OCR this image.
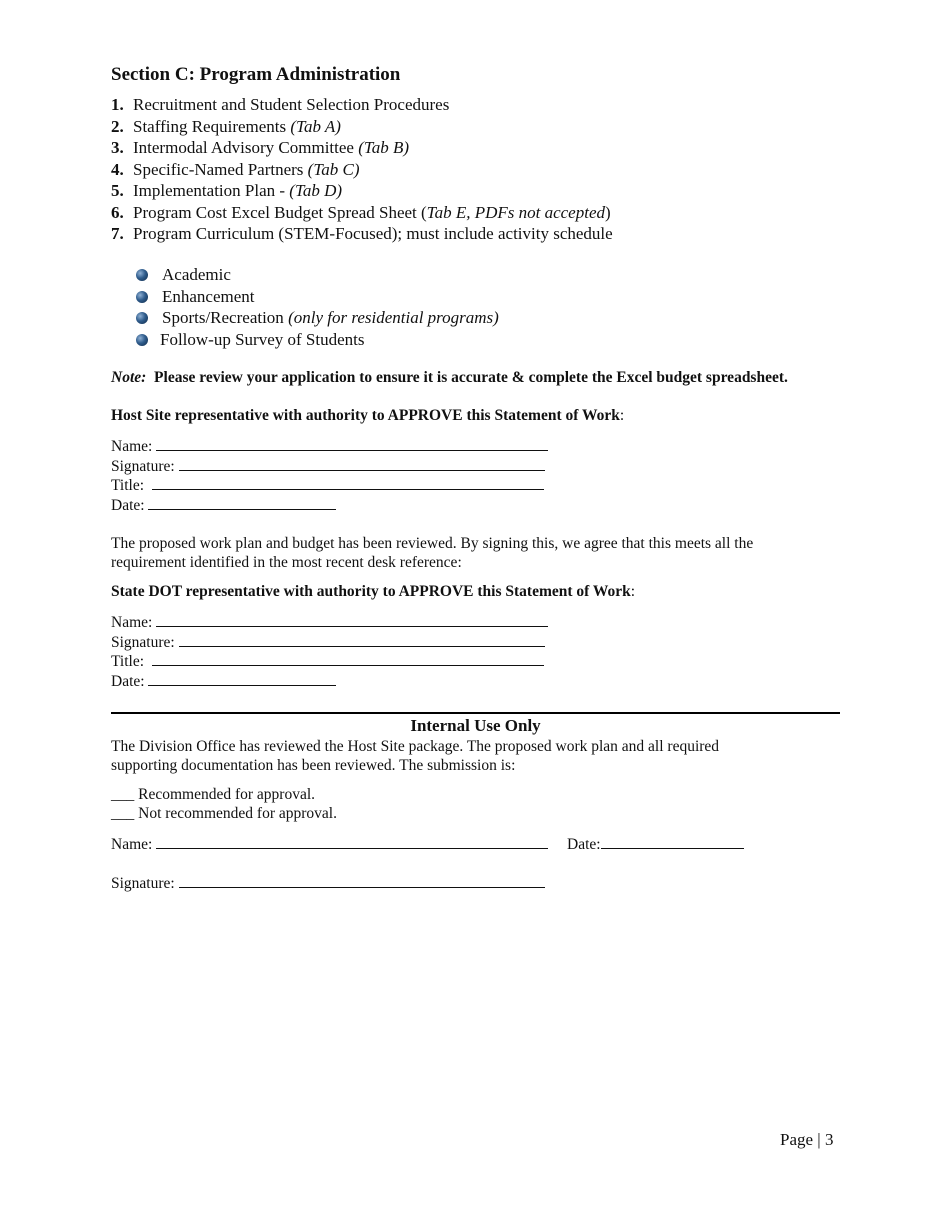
Section C: Program Administration
1. Recruitment and Student Selection Procedures
2. Staffing Requirements (Tab A)
3. Intermodal Advisory Committee (Tab B)
4. Specific-Named Partners (Tab C)
5. Implementation Plan - (Tab D)
6. Program Cost Excel Budget Spread Sheet (Tab E, PDFs not accepted)
7. Program Curriculum (STEM-Focused); must include activity schedule
Academic
Enhancement
Sports/Recreation (only for residential programs)
Follow-up Survey of Students
Note: Please review your application to ensure it is accurate & complete the Excel budget spreadsheet.
Host Site representative with authority to APPROVE this Statement of Work:
Name:
Signature:
Title:
Date:
The proposed work plan and budget has been reviewed. By signing this, we agree that this meets all the
requirement identified in the most recent desk reference:
State DOT representative with authority to APPROVE this Statement of Work:
Name:
Signature:
Title:
Date:
Internal Use Only
The Division Office has reviewed the Host Site package. The proposed work plan and all required
supporting documentation has been reviewed. The submission is:
___ Recommended for approval.
___ Not recommended for approval.
Name:	Date:
Signature:
Page | 3
